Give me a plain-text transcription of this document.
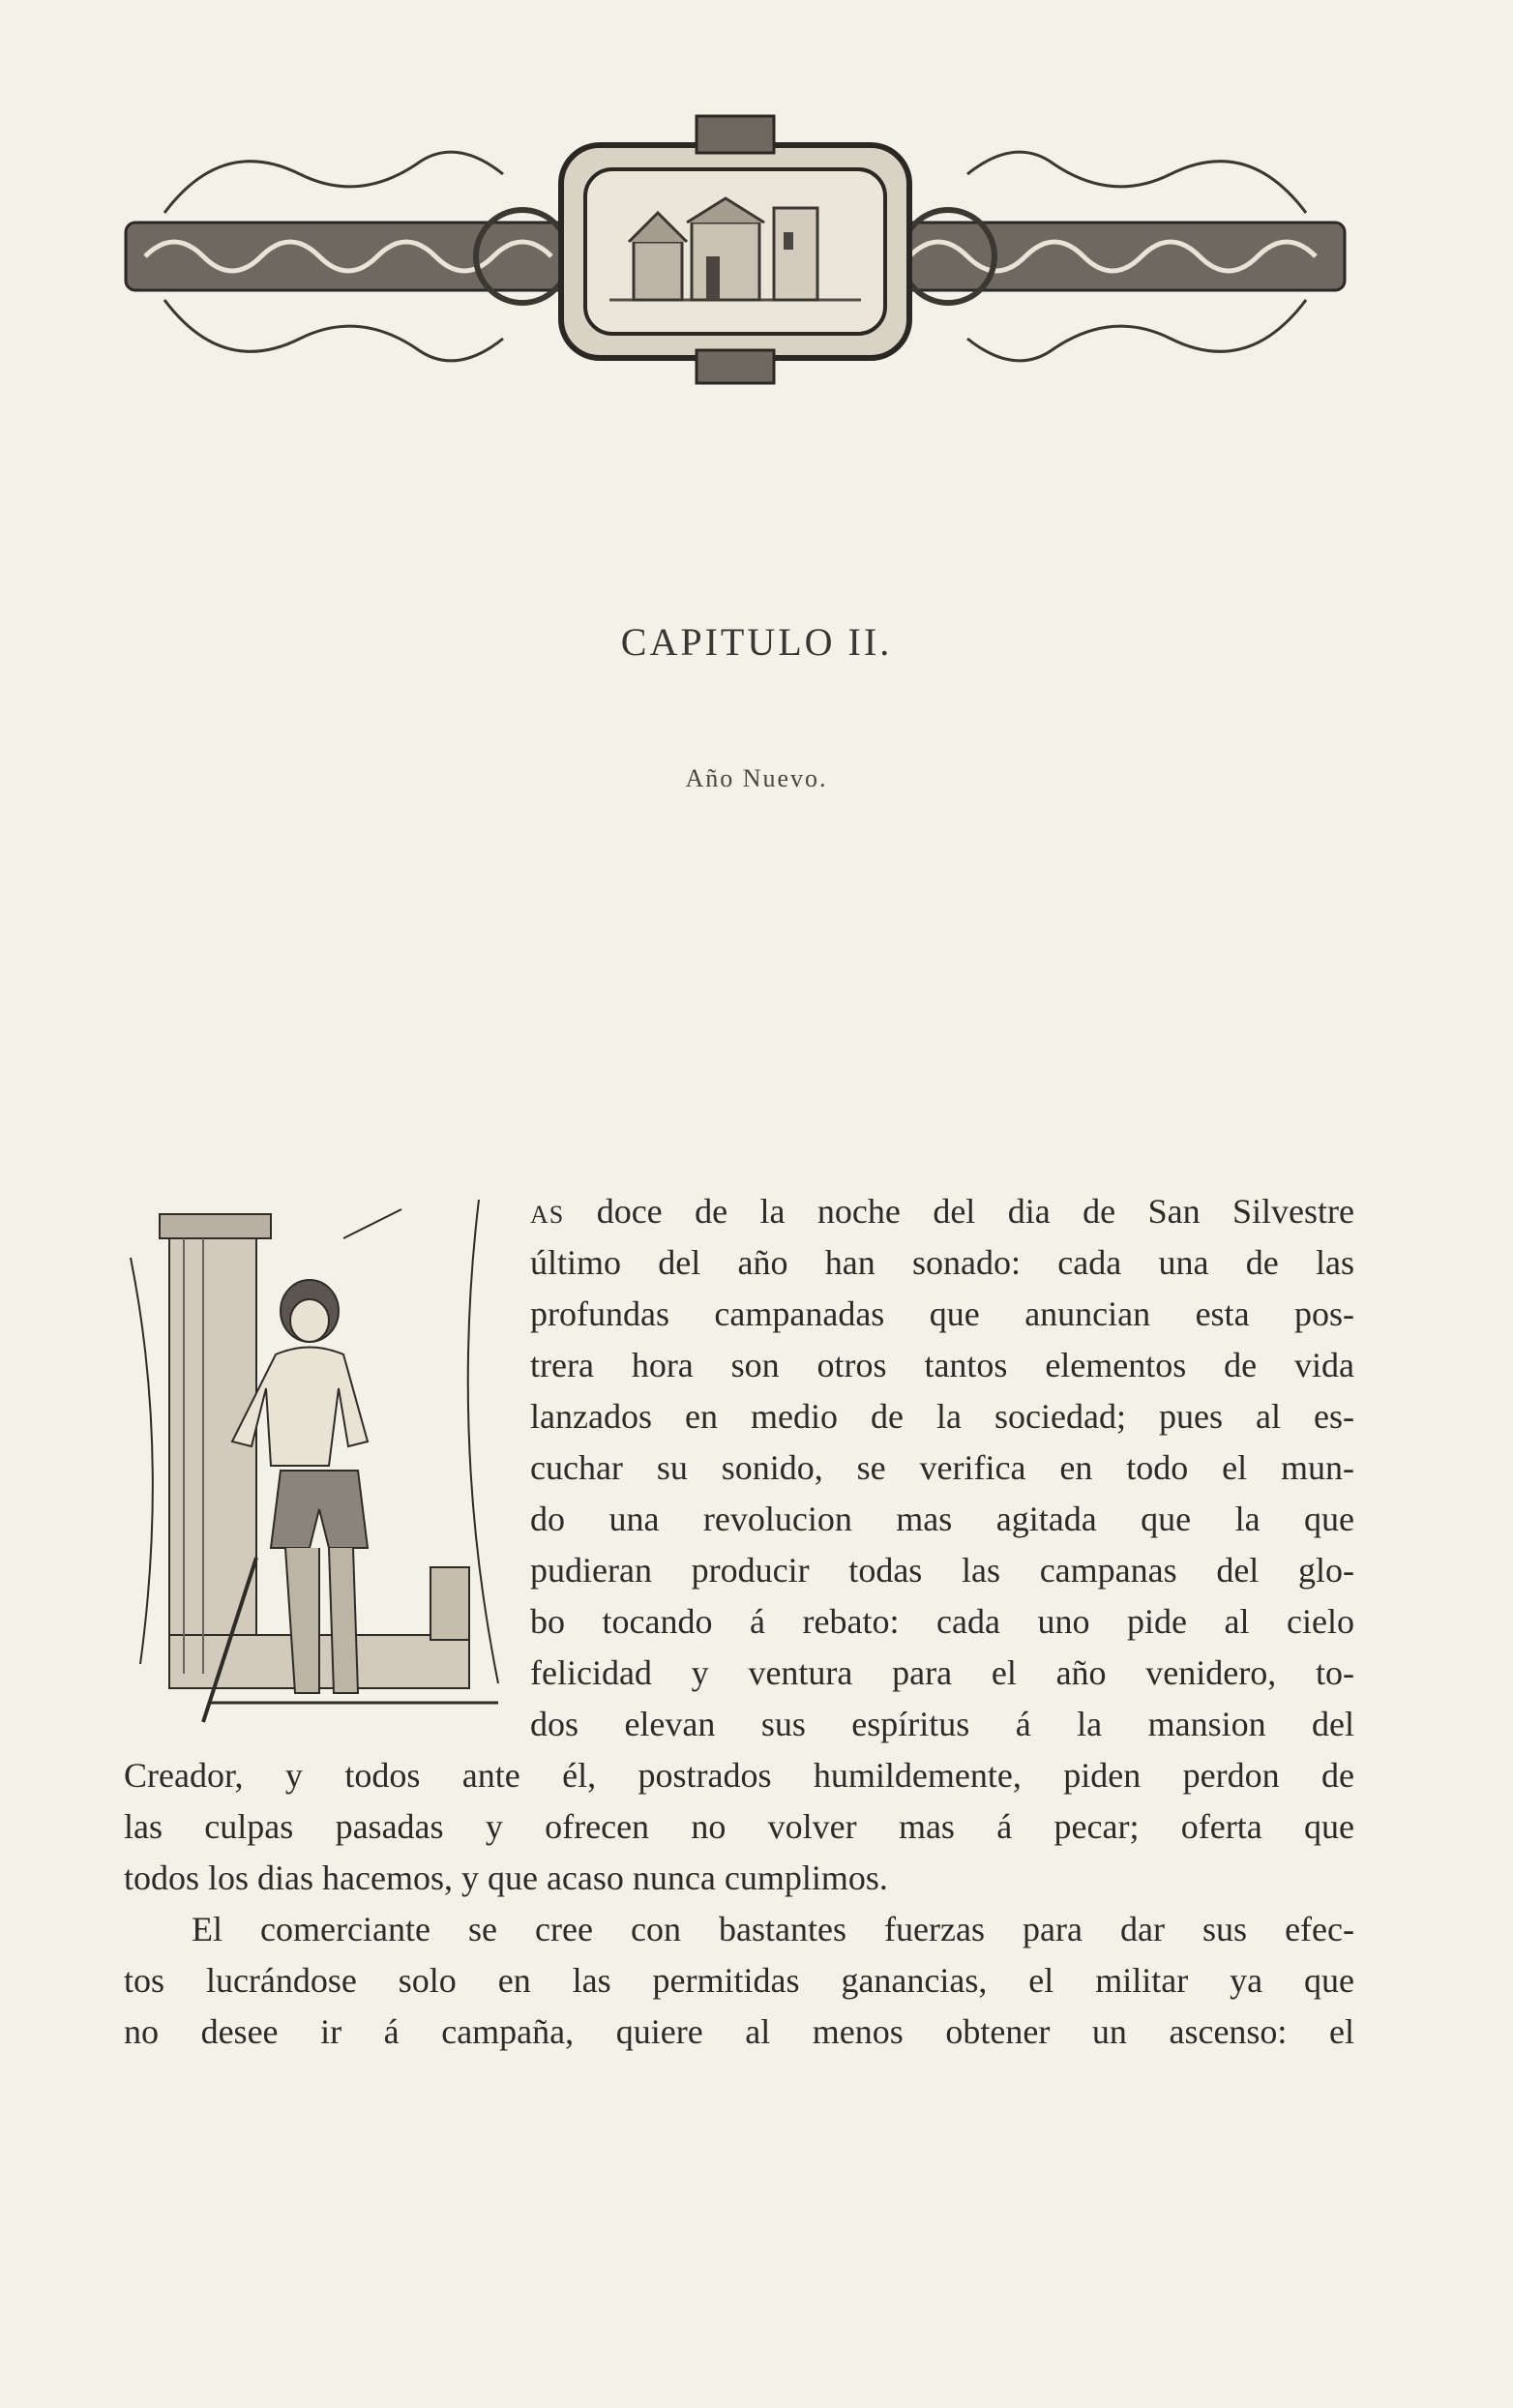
CAPITULO II.
Año Nuevo.
AS doce de la noche del dia de San Silvestre
último del año han sonado: cada una de las
profundas campanadas que anuncian esta pos-
trera hora son otros tantos elementos de vida
lanzados en medio de la sociedad; pues al es-
cuchar su sonido, se verifica en todo el mun-
do una revolucion mas agitada que la que
pudieran producir todas las campanas del glo-
bo tocando á rebato: cada uno pide al cielo
felicidad y ventura para el año venidero, to-
dos elevan sus espíritus á la mansion del
Creador, y todos ante él, postrados humildemente, piden perdon de
las culpas pasadas y ofrecen no volver mas á pecar; oferta que
todos los dias hacemos, y que acaso nunca cumplimos.
El comerciante se cree con bastantes fuerzas para dar sus efec-
tos lucrándose solo en las permitidas ganancias, el militar ya que
no desee ir á campaña, quiere al menos obtener un ascenso: el
